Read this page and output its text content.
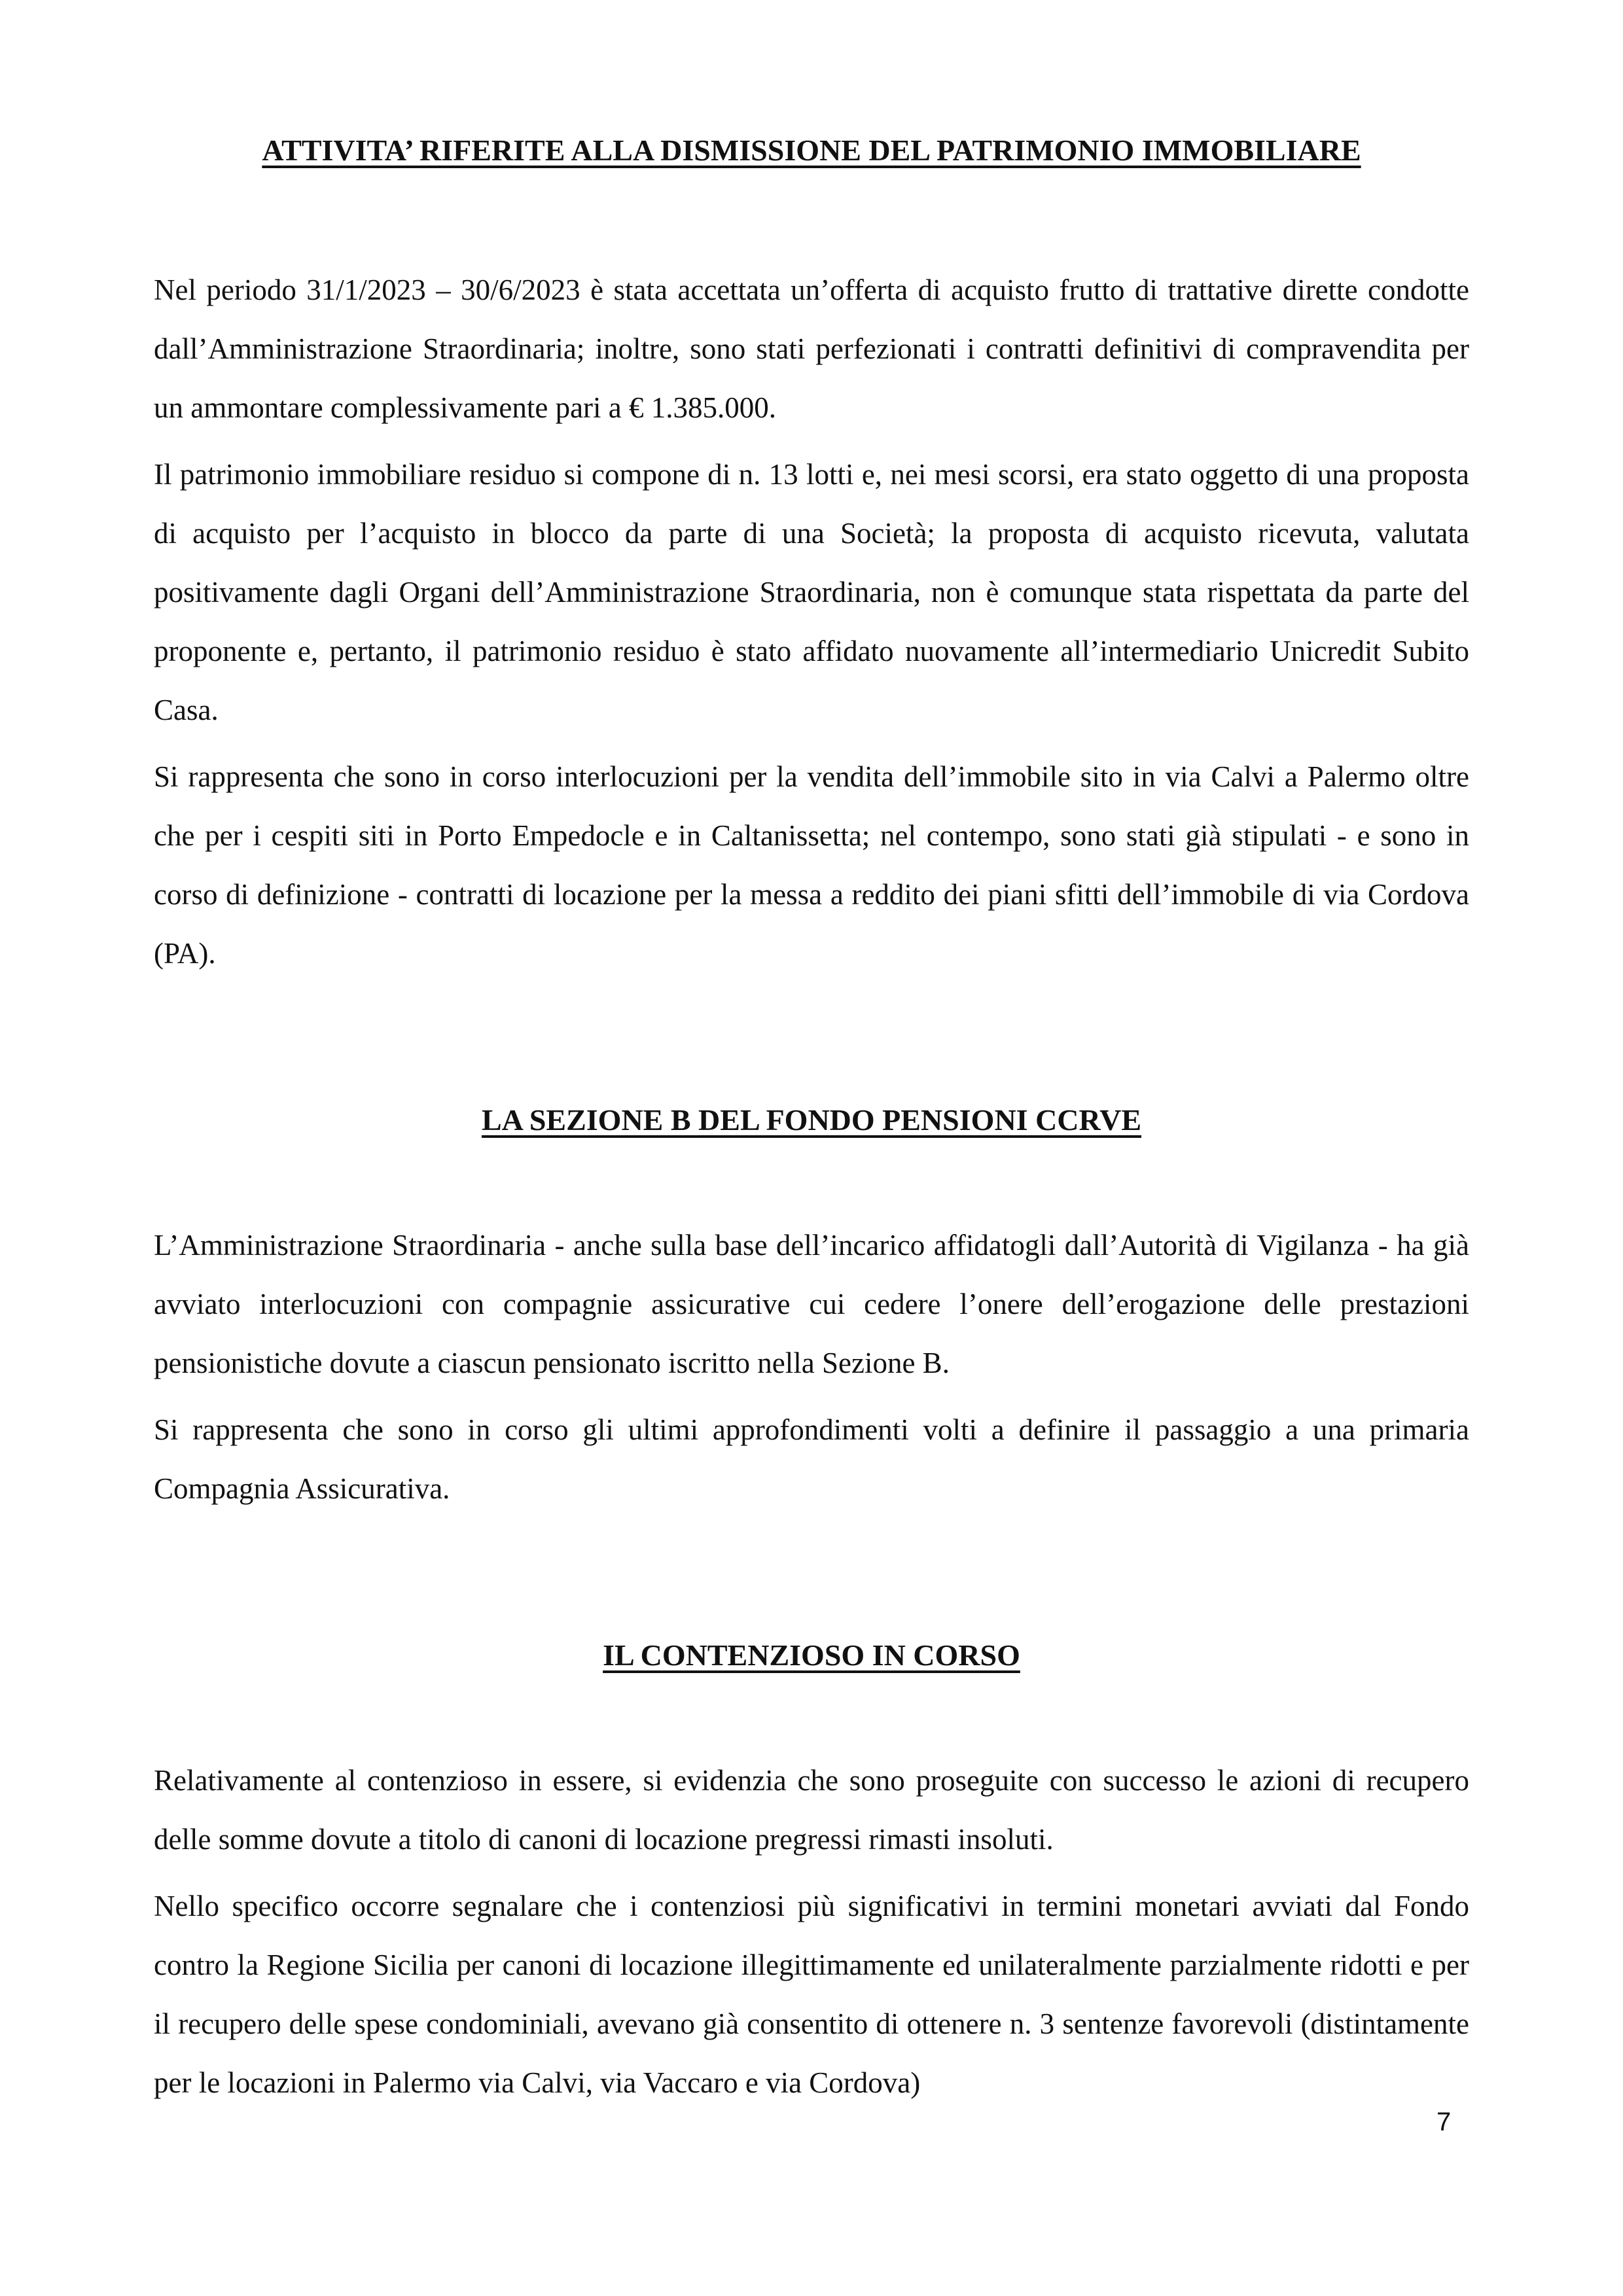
ATTIVITA’ RIFERITE ALLA DISMISSIONE DEL PATRIMONIO IMMOBILIARE

Nel periodo 31/1/2023 – 30/6/2023 è stata accettata un’offerta di acquisto frutto di trattative dirette condotte dall’Amministrazione Straordinaria; inoltre, sono stati perfezionati i contratti definitivi di compravendita per un ammontare complessivamente pari a € 1.385.000.

Il patrimonio immobiliare residuo si compone di n. 13 lotti e, nei mesi scorsi, era stato oggetto di una proposta di acquisto per l’acquisto in blocco da parte di una Società; la proposta di acquisto ricevuta, valutata positivamente dagli Organi dell’Amministrazione Straordinaria, non è comunque stata rispettata da parte del proponente e, pertanto, il patrimonio residuo è stato affidato nuovamente all’intermediario Unicredit Subito Casa.

Si rappresenta che sono in corso interlocuzioni per la vendita dell’immobile sito in via Calvi a Palermo oltre che per i cespiti siti in Porto Empedocle e in Caltanissetta; nel contempo, sono stati già stipulati - e sono in corso di definizione - contratti di locazione per la messa a reddito dei piani sfitti dell’immobile di via Cordova (PA).

LA SEZIONE B DEL FONDO PENSIONI CCRVE

L’Amministrazione Straordinaria - anche sulla base dell’incarico affidatogli dall’Autorità di Vigilanza - ha già avviato interlocuzioni con compagnie assicurative cui cedere l’onere dell’erogazione delle prestazioni pensionistiche dovute a ciascun pensionato iscritto nella Sezione B.

Si rappresenta che sono in corso gli ultimi approfondimenti volti a definire il passaggio a una primaria Compagnia Assicurativa.

IL CONTENZIOSO IN CORSO

Relativamente al contenzioso in essere, si evidenzia che sono proseguite con successo le azioni di recupero delle somme dovute a titolo di canoni di locazione pregressi rimasti insoluti.

Nello specifico occorre segnalare che i contenziosi più significativi in termini monetari avviati dal Fondo contro la Regione Sicilia per canoni di locazione illegittimamente ed unilateralmente parzialmente ridotti e per il recupero delle spese condominiali, avevano già consentito di ottenere n. 3 sentenze favorevoli (distintamente per le locazioni in Palermo via Calvi, via Vaccaro e via Cordova)

7
